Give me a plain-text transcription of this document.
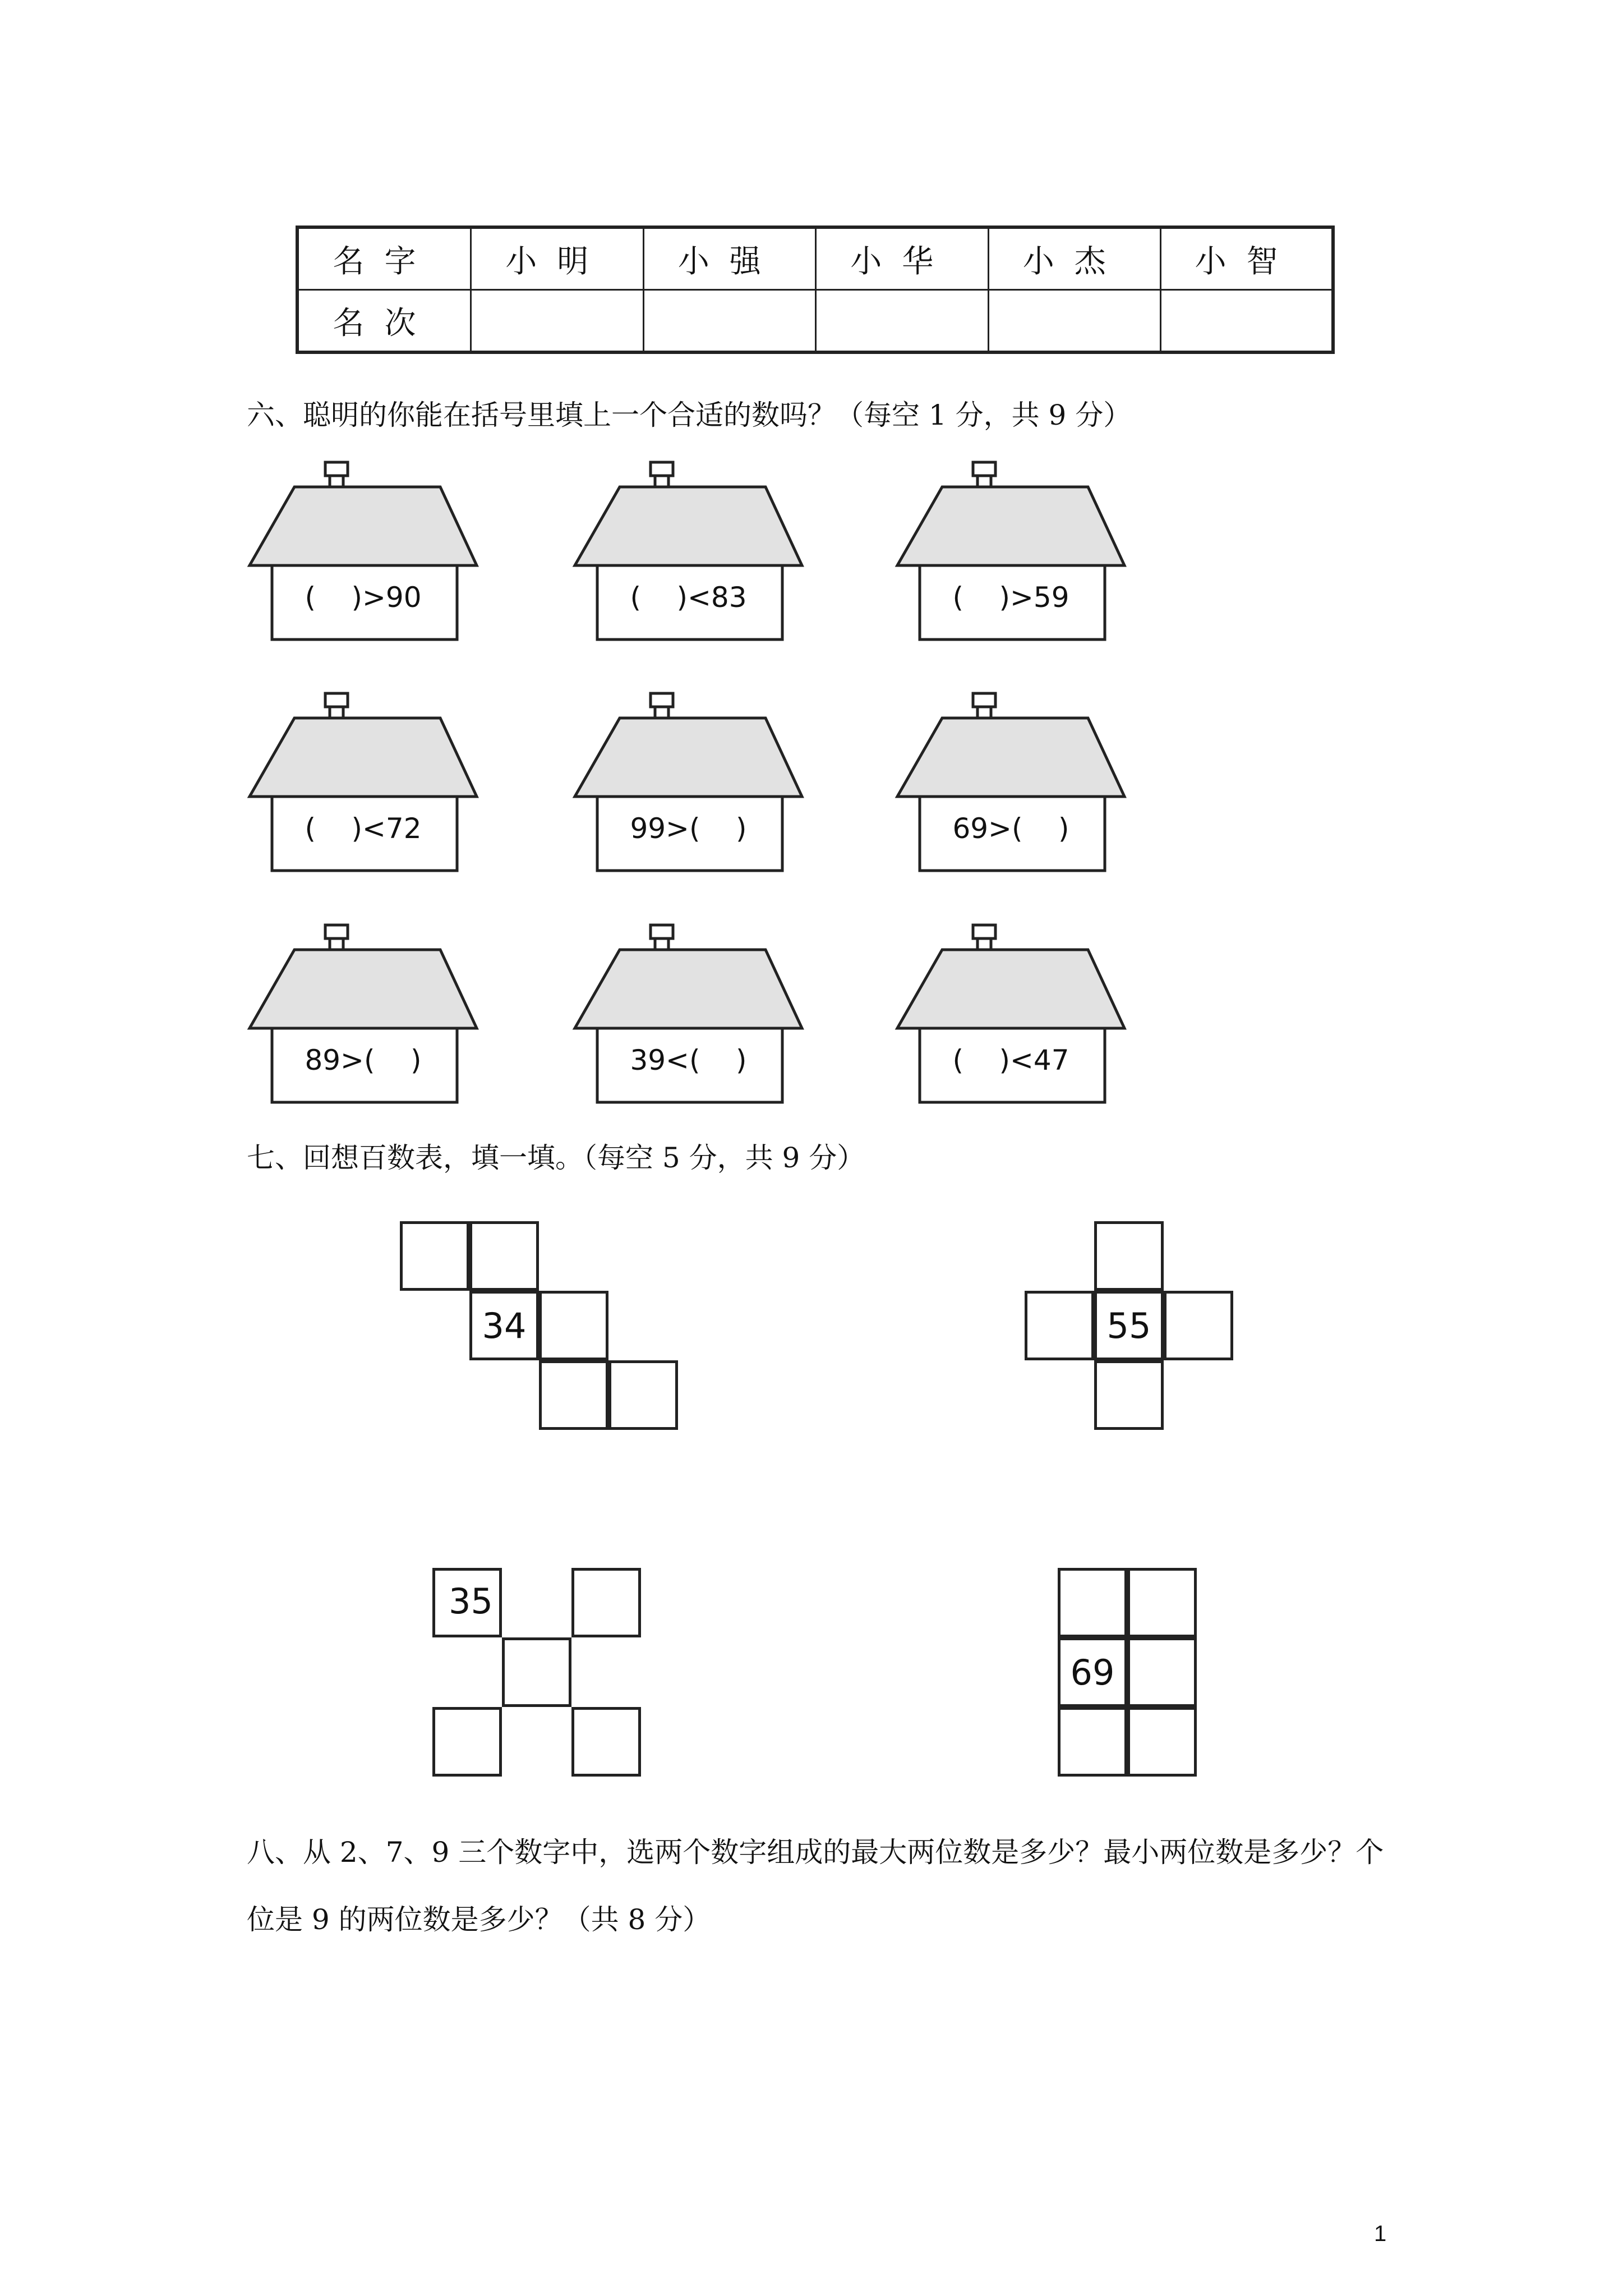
名字	小明	小强	小华	小杰	小智
名次					
六、聪明的你能在括号里填上一个合适的数吗？（每空 1 分，共 9 分）
(    )>90	(    )<83	(    )>59
(    )<72	99>(    )	69>(    )
89>(    )	39<(    )	(    )<47
七、回想百数表，填一填。（每空 5 分，共 9 分）
34	55
35
69
八、从 2、7、9 三个数字中，选两个数字组成的最大两位数是多少？最小两位数是多少？个
位是 9 的两位数是多少？（共 8 分）
1
